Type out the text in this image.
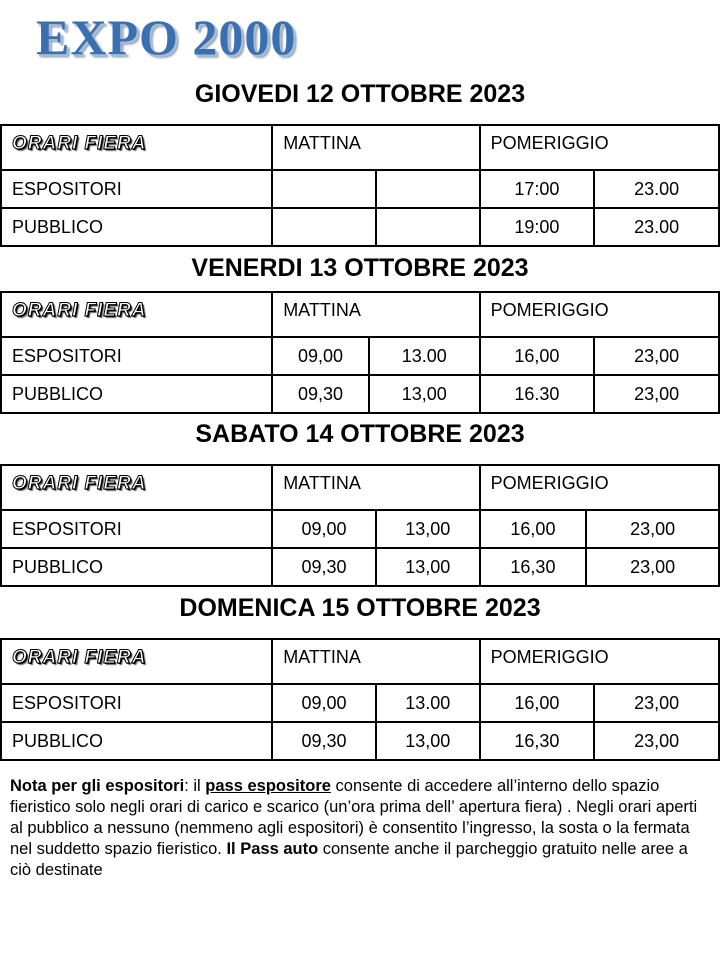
EXPO 2000
GIOVEDI 12 OTTOBRE 2023
ORARI FIERA	MATTINA		POMERIGGIO	
ESPOSITORI			17:00	23.00
PUBBLICO			19:00	23.00
VENERDI 13 OTTOBRE 2023
ORARI FIERA	MATTINA		POMERIGGIO	
ESPOSITORI	09,00	13.00	16,00	23,00
PUBBLICO	09,30	13,00	16.30	23,00
SABATO 14 OTTOBRE 2023
ORARI FIERA	MATTINA		POMERIGGIO	
ESPOSITORI	09,00	13,00	16,00	23,00
PUBBLICO	09,30	13,00	16,30	23,00
DOMENICA 15 OTTOBRE 2023
ORARI FIERA	MATTINA		POMERIGGIO	
ESPOSITORI	09,00	13.00	16,00	23,00
PUBBLICO	09,30	13,00	16,30	23,00
Nota per gli espositori: il pass espositore consente di accedere all’interno dello spazio fieristico solo negli orari di carico e scarico (un’ora prima dell’ apertura fiera) . Negli orari aperti al pubblico a nessuno (nemmeno agli espositori) è consentito l’ingresso, la sosta o la fermata nel suddetto spazio fieristico. Il Pass auto consente anche il parcheggio gratuito nelle aree a ciò destinate
